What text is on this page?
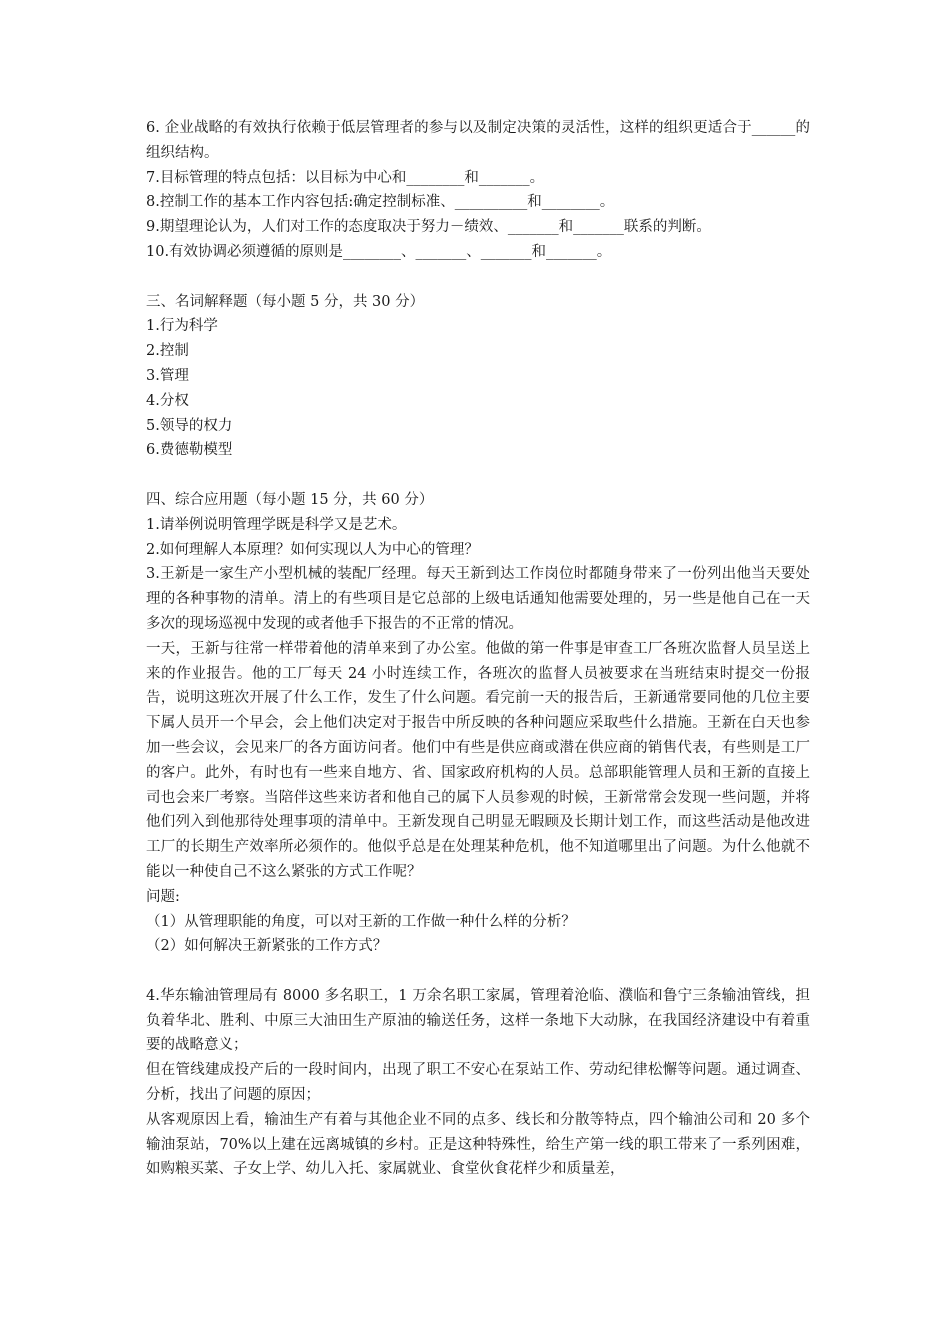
6. 企业战略的有效执行依赖于低层管理者的参与以及制定决策的灵活性，这样的组织更适合于______的组织结构。
7.目标管理的特点包括：以目标为中心和________和_______。
8.控制工作的基本工作内容包括:确定控制标准、__________和________。
9.期望理论认为，人们对工作的态度取决于努力－绩效、_______和_______联系的判断。
10.有效协调必须遵循的原则是________、_______、_______和_______。
三、名词解释题（每小题 5 分，共 30 分）
1.行为科学
2.控制
3.管理
4.分权
5.领导的权力
6.费德勒模型
四、综合应用题（每小题 15 分，共 60 分）
1.请举例说明管理学既是科学又是艺术。
2.如何理解人本原理？如何实现以人为中心的管理？
3.王新是一家生产小型机械的装配厂经理。每天王新到达工作岗位时都随身带来了一份列出他当天要处理的各种事物的清单。清上的有些项目是它总部的上级电话通知他需要处理的，另一些是他自己在一天多次的现场巡视中发现的或者他手下报告的不正常的情况。
一天，王新与往常一样带着他的清单来到了办公室。他做的第一件事是审查工厂各班次监督人员呈送上来的作业报告。他的工厂每天 24 小时连续工作，各班次的监督人员被要求在当班结束时提交一份报告，说明这班次开展了什么工作，发生了什么问题。看完前一天的报告后，王新通常要同他的几位主要下属人员开一个早会，会上他们决定对于报告中所反映的各种问题应采取些什么措施。王新在白天也参加一些会议，会见来厂的各方面访问者。他们中有些是供应商或潜在供应商的销售代表，有些则是工厂的客户。此外，有时也有一些来自地方、省、国家政府机构的人员。总部职能管理人员和王新的直接上司也会来厂考察。当陪伴这些来访者和他自己的属下人员参观的时候，王新常常会发现一些问题，并将他们列入到他那待处理事项的清单中。王新发现自己明显无暇顾及长期计划工作，而这些活动是他改进工厂的长期生产效率所必须作的。他似乎总是在处理某种危机，他不知道哪里出了问题。为什么他就不能以一种使自己不这么紧张的方式工作呢？
问题:
（1）从管理职能的角度，可以对王新的工作做一种什么样的分析？
（2）如何解决王新紧张的工作方式？
4.华东输油管理局有 8000 多名职工，1 万余名职工家属，管理着沧临、濮临和鲁宁三条输油管线，担负着华北、胜利、中原三大油田生产原油的输送任务，这样一条地下大动脉，在我国经济建设中有着重要的战略意义；
但在管线建成投产后的一段时间内，出现了职工不安心在泵站工作、劳动纪律松懈等问题。通过调查、分析，找出了问题的原因；
从客观原因上看，输油生产有着与其他企业不同的点多、线长和分散等特点，四个输油公司和 20 多个输油泵站，70%以上建在远离城镇的乡村。正是这种特殊性，给生产第一线的职工带来了一系列困难，如购粮买菜、子女上学、幼儿入托、家属就业、食堂伙食花样少和质量差，
